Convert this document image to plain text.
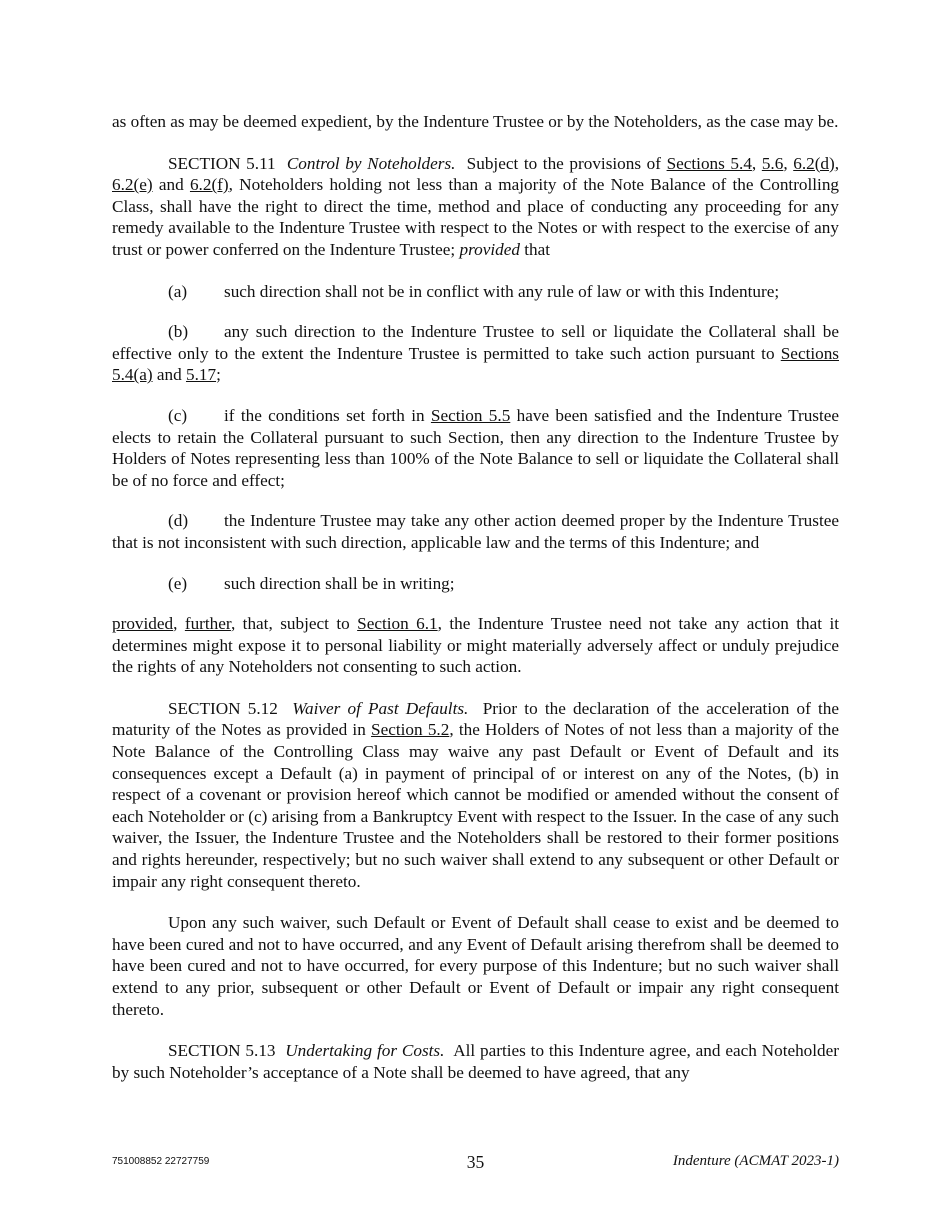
as often as may be deemed expedient, by the Indenture Trustee or by the Noteholders, as the case may be.

SECTION 5.11 Control by Noteholders. Subject to the provisions of Sections 5.4, 5.6, 6.2(d), 6.2(e) and 6.2(f), Noteholders holding not less than a majority of the Note Balance of the Controlling Class, shall have the right to direct the time, method and place of conducting any proceeding for any remedy available to the Indenture Trustee with respect to the Notes or with respect to the exercise of any trust or power conferred on the Indenture Trustee; provided that

(a) such direction shall not be in conflict with any rule of law or with this Indenture;

(b) any such direction to the Indenture Trustee to sell or liquidate the Collateral shall be effective only to the extent the Indenture Trustee is permitted to take such action pursuant to Sections 5.4(a) and 5.17;

(c) if the conditions set forth in Section 5.5 have been satisfied and the Indenture Trustee elects to retain the Collateral pursuant to such Section, then any direction to the Indenture Trustee by Holders of Notes representing less than 100% of the Note Balance to sell or liquidate the Collateral shall be of no force and effect;

(d) the Indenture Trustee may take any other action deemed proper by the Indenture Trustee that is not inconsistent with such direction, applicable law and the terms of this Indenture; and

(e) such direction shall be in writing;

provided, further, that, subject to Section 6.1, the Indenture Trustee need not take any action that it determines might expose it to personal liability or might materially adversely affect or unduly prejudice the rights of any Noteholders not consenting to such action.

SECTION 5.12 Waiver of Past Defaults. Prior to the declaration of the acceleration of the maturity of the Notes as provided in Section 5.2, the Holders of Notes of not less than a majority of the Note Balance of the Controlling Class may waive any past Default or Event of Default and its consequences except a Default (a) in payment of principal of or interest on any of the Notes, (b) in respect of a covenant or provision hereof which cannot be modified or amended without the consent of each Noteholder or (c) arising from a Bankruptcy Event with respect to the Issuer. In the case of any such waiver, the Issuer, the Indenture Trustee and the Noteholders shall be restored to their former positions and rights hereunder, respectively; but no such waiver shall extend to any subsequent or other Default or impair any right consequent thereto.

Upon any such waiver, such Default or Event of Default shall cease to exist and be deemed to have been cured and not to have occurred, and any Event of Default arising therefrom shall be deemed to have been cured and not to have occurred, for every purpose of this Indenture; but no such waiver shall extend to any prior, subsequent or other Default or Event of Default or impair any right consequent thereto.

SECTION 5.13 Undertaking for Costs. All parties to this Indenture agree, and each Noteholder by such Noteholder’s acceptance of a Note shall be deemed to have agreed, that any

751008852 22727759	35	Indenture (ACMAT 2023-1)
